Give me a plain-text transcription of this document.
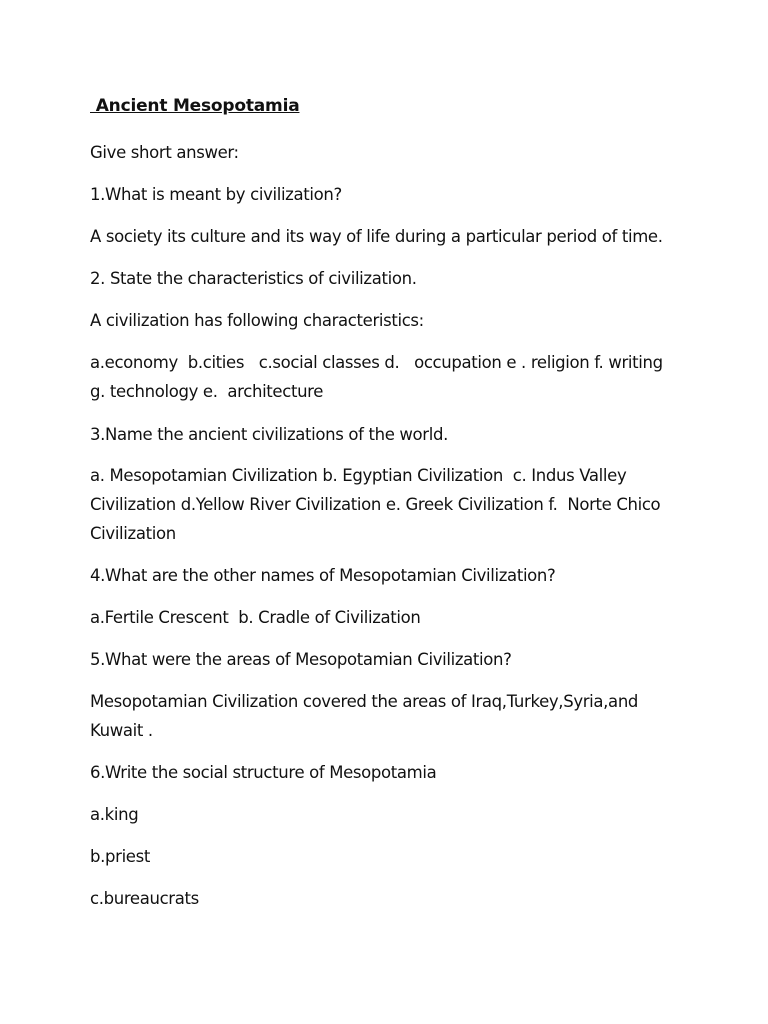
Ancient Mesopotamia
Give short answer:
1.What is meant by civilization?
A society its culture and its way of life during a particular period of time.
2. State the characteristics of civilization.
A civilization has following characteristics:
a.economy  b.cities   c.social classes d.   occupation e . religion f. writing
g. technology e.  architecture
3.Name the ancient civilizations of the world.
a. Mesopotamian Civilization b. Egyptian Civilization  c. Indus Valley
Civilization d.Yellow River Civilization e. Greek Civilization f.  Norte Chico
Civilization
4.What are the other names of Mesopotamian Civilization?
a.Fertile Crescent  b. Cradle of Civilization
5.What were the areas of Mesopotamian Civilization?
Mesopotamian Civilization covered the areas of Iraq,Turkey,Syria,and
Kuwait .
6.Write the social structure of Mesopotamia
a.king
b.priest
c.bureaucrats
